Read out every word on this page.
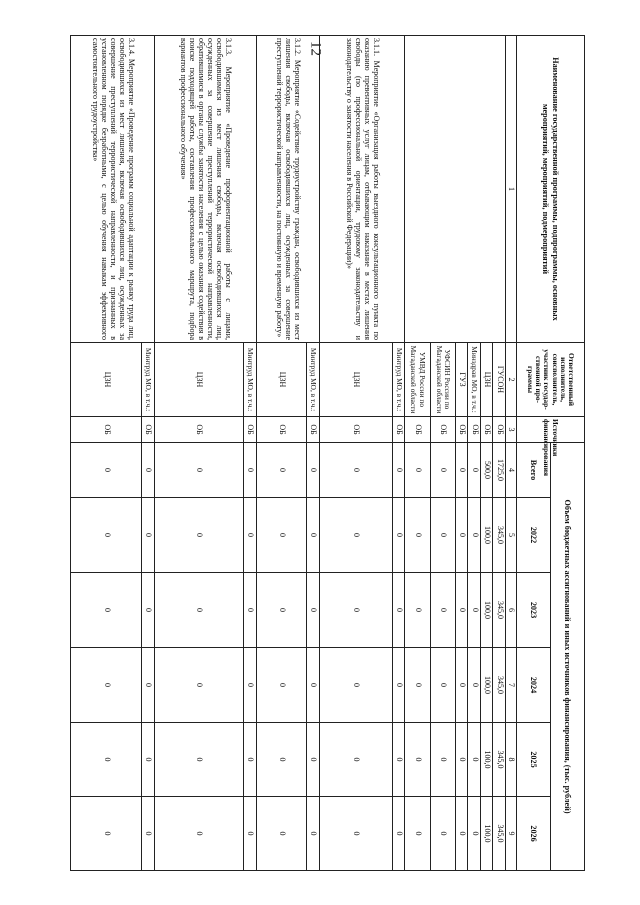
12
Наименование государственной программы, подпрограммы, основных мероприятий, мероприятий, подмероприятий	Ответственный исполнитель, соисполнитель, участник государ-ственной про-граммы	Источники финансирования	Объем бюджетных ассигнований и иных источников финансирования, (тыс. рублей)					
			Всего	2022	2023	2024	2025	2026
1	2	3	4	5	6	7	8	9
	ГУСОН	ОБ	1725,0	345,0	345,0	345,0	345,0	345,0
	ЦЗН	ОБ	500,0	100,0	100,0	100,0	100,0	100,0
	Минздрав МО, в т.ч.:	ОБ	0	0	0	0	0	0
	ГУЗ	ОБ	0	0	0	0	0	0
	УФСИН России по Магаданской области	ОБ	0	0	0	0	0	0
	УМВД России по Магаданской области	ОБ	0	0	0	0	0	0
3.1.1. Мероприятие «Организация работы выездного консультационного пункта по оказанию превентивных услуг лицам, отбывающим наказание в местах лишения свободы (по профессиональной ориентации, трудовому законодательству и законодательству о занятости населения в Российской Федерации)»	Минтруд МО, в т.ч.:	ОБ	0	0	0	0	0	0
	ЦЗН	ОБ	0	0	0	0	0	0
3.1.2. Мероприятие «Содействие трудоустройству граждан, освободившихся из мест лишения свободы, включая освободившихся лиц, осужденных за совершение преступлений террористической направленности, на постоянную и временную работу»	Минтруд МО, в т.ч.:	ОБ	0	0	0	0	0	0
	ЦЗН	ОБ	0	0	0	0	0	0
3.1.3. Мероприятие «Проведение профориентационной работы с лицами, освободившимися из мест лишения свободы, включая освободившихся лиц, осужденных за совершение преступлений террористической направленности, обратившимися в органы службы занятости населения с целью оказания содействия в поиске подходящей работы, составления профессионального маршрута, подбора вариантов профессионального обучения»	Минтруд МО, в т.ч.:	ОБ	0	0	0	0	0	0
	ЦЗН	ОБ	0	0	0	0	0	0
3.1.4. Мероприятие «Проведение программ социальной адаптации к рынку труда лиц, освободившихся из мест лишения, включая освободившихся лиц, осужденных за совершение преступлений террористической направленности, и признанных в установленном порядке безработными, с целью обучения навыкам эффективного самостоятельного трудоустройства»	Минтруд МО, в т.ч.:	ОБ	0	0	0	0	0	0
	ЦЗН	ОБ	0	0	0	0	0	0
